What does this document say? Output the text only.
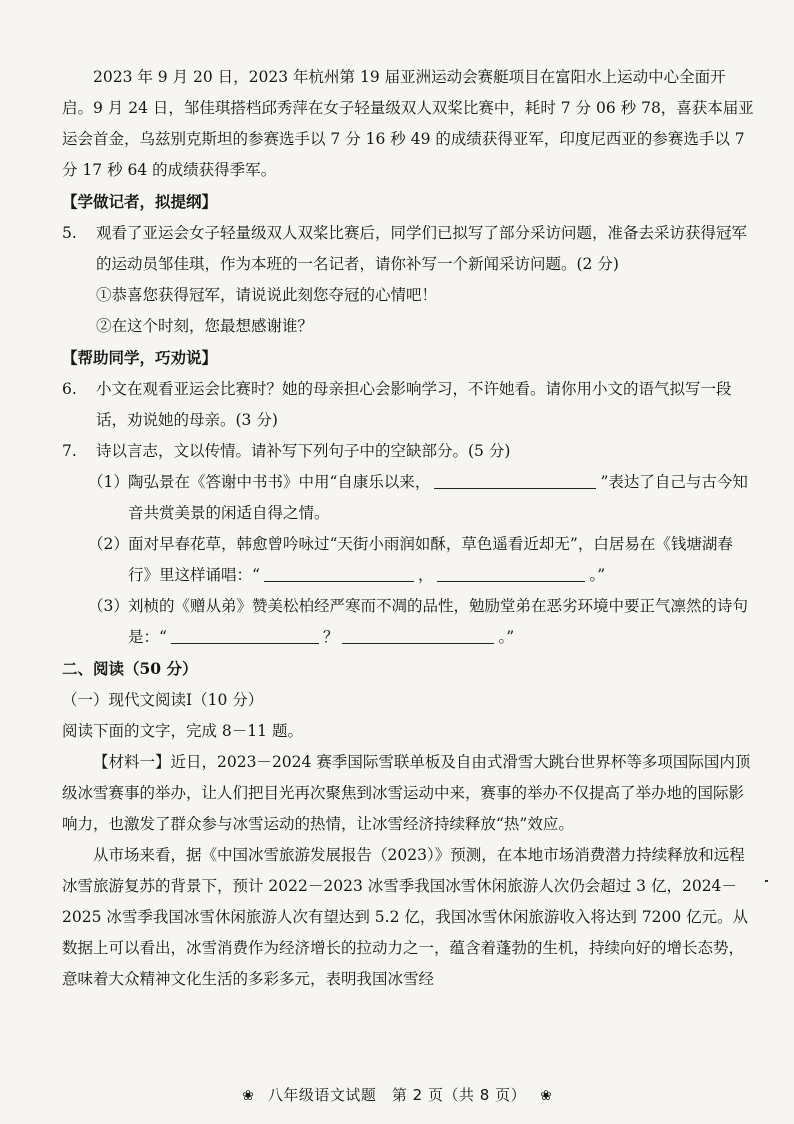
2023 年 9 月 20 日，2023 年杭州第 19 届亚洲运动会赛艇项目在富阳水上运动中心全面开启。9 月 24 日，邹佳琪搭档邱秀萍在女子轻量级双人双桨比赛中，耗时 7 分 06 秒 78，喜获本届亚运会首金，乌兹别克斯坦的参赛选手以 7 分 16 秒 49 的成绩获得亚军，印度尼西亚的参赛选手以 7 分 17 秒 64 的成绩获得季军。

【学做记者，拟提纲】

5. 观看了亚运会女子轻量级双人双桨比赛后，同学们已拟写了部分采访问题，准备去采访获得冠军的运动员邹佳琪，作为本班的一名记者，请你补写一个新闻采访问题。(2 分)

①恭喜您获得冠军，请说说此刻您夺冠的心情吧！

②在这个时刻，您最想感谢谁？

【帮助同学，巧劝说】

6. 小文在观看亚运会比赛时？她的母亲担心会影响学习，不许她看。请你用小文的语气拟写一段话，劝说她的母亲。(3 分)

7. 诗以言志，文以传情。请补写下列句子中的空缺部分。(5 分)

（1）陶弘景在《答谢中书书》中用“自康乐以来，	”表达了自己与古今知音共赏美景的闲适自得之情。

（2）面对早春花草，韩愈曾吟咏过“天街小雨润如酥，草色遥看近却无”，白居易在《钱塘湖春行》里这样诵唱：“	，	。”

（3）刘桢的《赠从弟》赞美松柏经严寒而不凋的品性，勉励堂弟在恶劣环境中要正气凛然的诗句是：“	？	。”

二、阅读（50 分）

（一）现代文阅读Ⅰ（10 分）

阅读下面的文字，完成 8－11 题。

【材料一】近日，2023－2024 赛季国际雪联单板及自由式滑雪大跳台世界杯等多项国际国内顶级冰雪赛事的举办，让人们把目光再次聚焦到冰雪运动中来，赛事的举办不仅提高了举办地的国际影响力，也激发了群众参与冰雪运动的热情，让冰雪经济持续释放“热”效应。

从市场来看，据《中国冰雪旅游发展报告（2023）》预测，在本地市场消费潜力持续释放和远程冰雪旅游复苏的背景下，预计 2022－2023 冰雪季我国冰雪休闲旅游人次仍会超过 3 亿，2024－2025 冰雪季我国冰雪休闲旅游人次有望达到 5.2 亿，我国冰雪休闲旅游收入将达到 7200 亿元。从数据上可以看出，冰雪消费作为经济增长的拉动力之一，蕴含着蓬勃的生机，持续向好的增长态势，意味着大众精神文化生活的多彩多元，表明我国冰雪经

❀ 八年级语文试题　第 2 页（共 8 页） ❀
